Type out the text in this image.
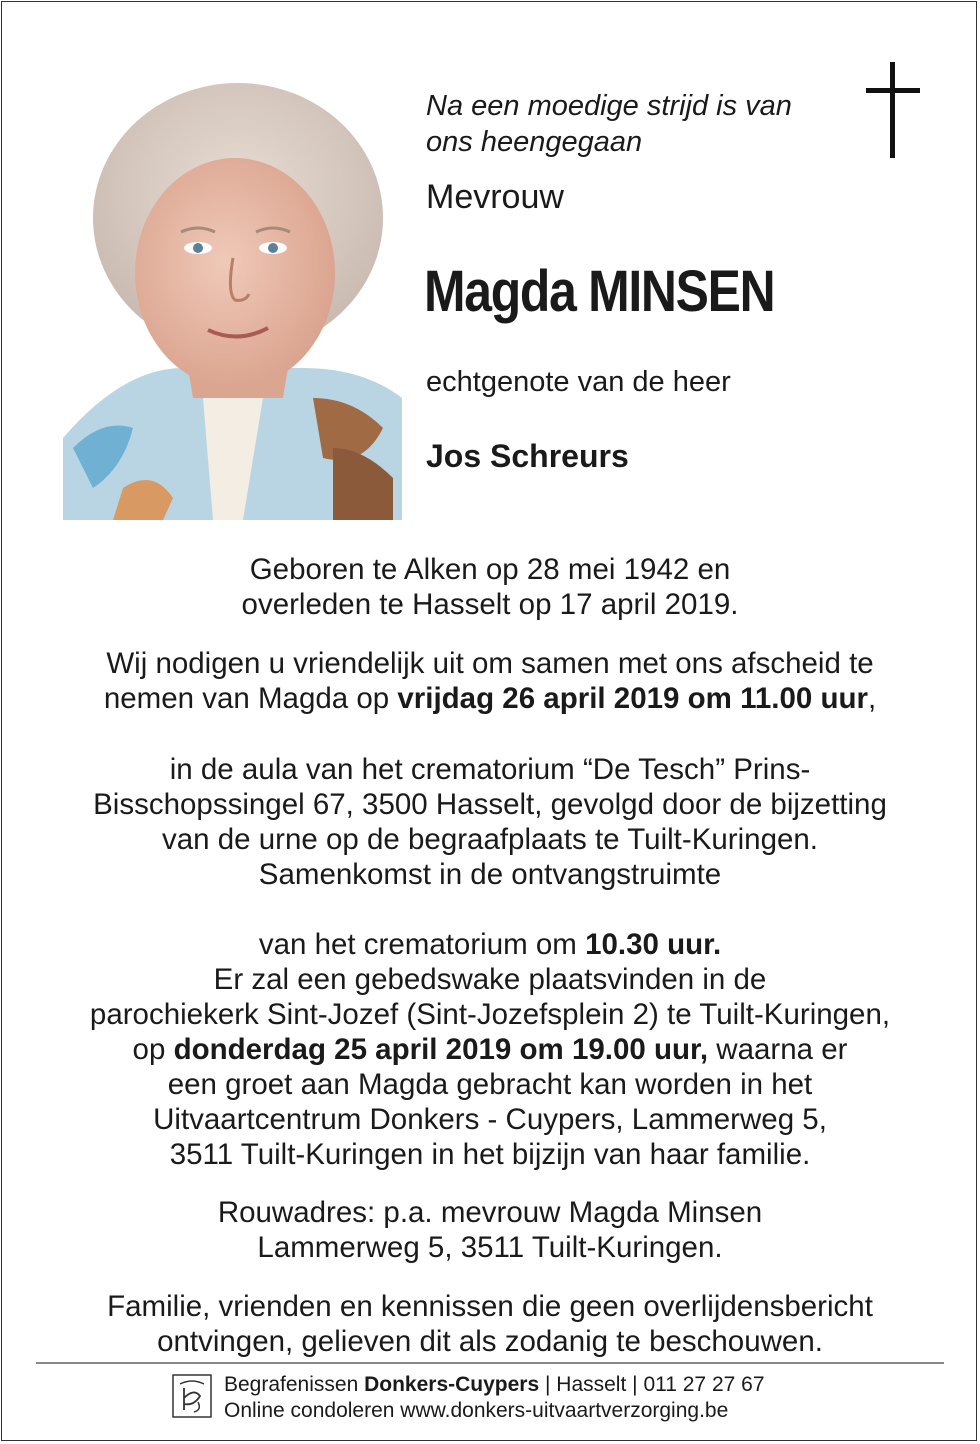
Na een moedige strijd is van
ons heengegaan
Mevrouw
Magda MINSEN
echtgenote van de heer
Jos Schreurs

Geboren te Alken op 28 mei 1942 en

overleden te Hasselt op 17 april 2019.

Wij nodigen u vriendelijk uit om samen met ons afscheid te

nemen van Magda op vrijdag 26 april 2019 om 11.00 uur,

in de aula van het crematorium “De Tesch” Prins-

Bisschopssingel 67, 3500 Hasselt, gevolgd door de bijzetting

van de urne op de begraafplaats te Tuilt-Kuringen.

Samenkomst in de ontvangstruimte

van het crematorium om 10.30 uur.

Er zal een gebedswake plaatsvinden in de

parochiekerk Sint-Jozef (Sint-Jozefsplein 2) te Tuilt-Kuringen,

op donderdag 25 april 2019 om 19.00 uur, waarna er

een groet aan Magda gebracht kan worden in het

Uitvaartcentrum Donkers - Cuypers, Lammerweg 5,

3511 Tuilt-Kuringen in het bijzijn van haar familie.

Rouwadres: p.a. mevrouw Magda Minsen

Lammerweg 5, 3511 Tuilt-Kuringen.

Familie, vrienden en kennissen die geen overlijdensbericht

ontvingen, gelieven dit als zodanig te beschouwen.

Begrafenissen Donkers-Cuypers | Hasselt | 011 27 27 67
Online condoleren www.donkers-uitvaartverzorging.be
